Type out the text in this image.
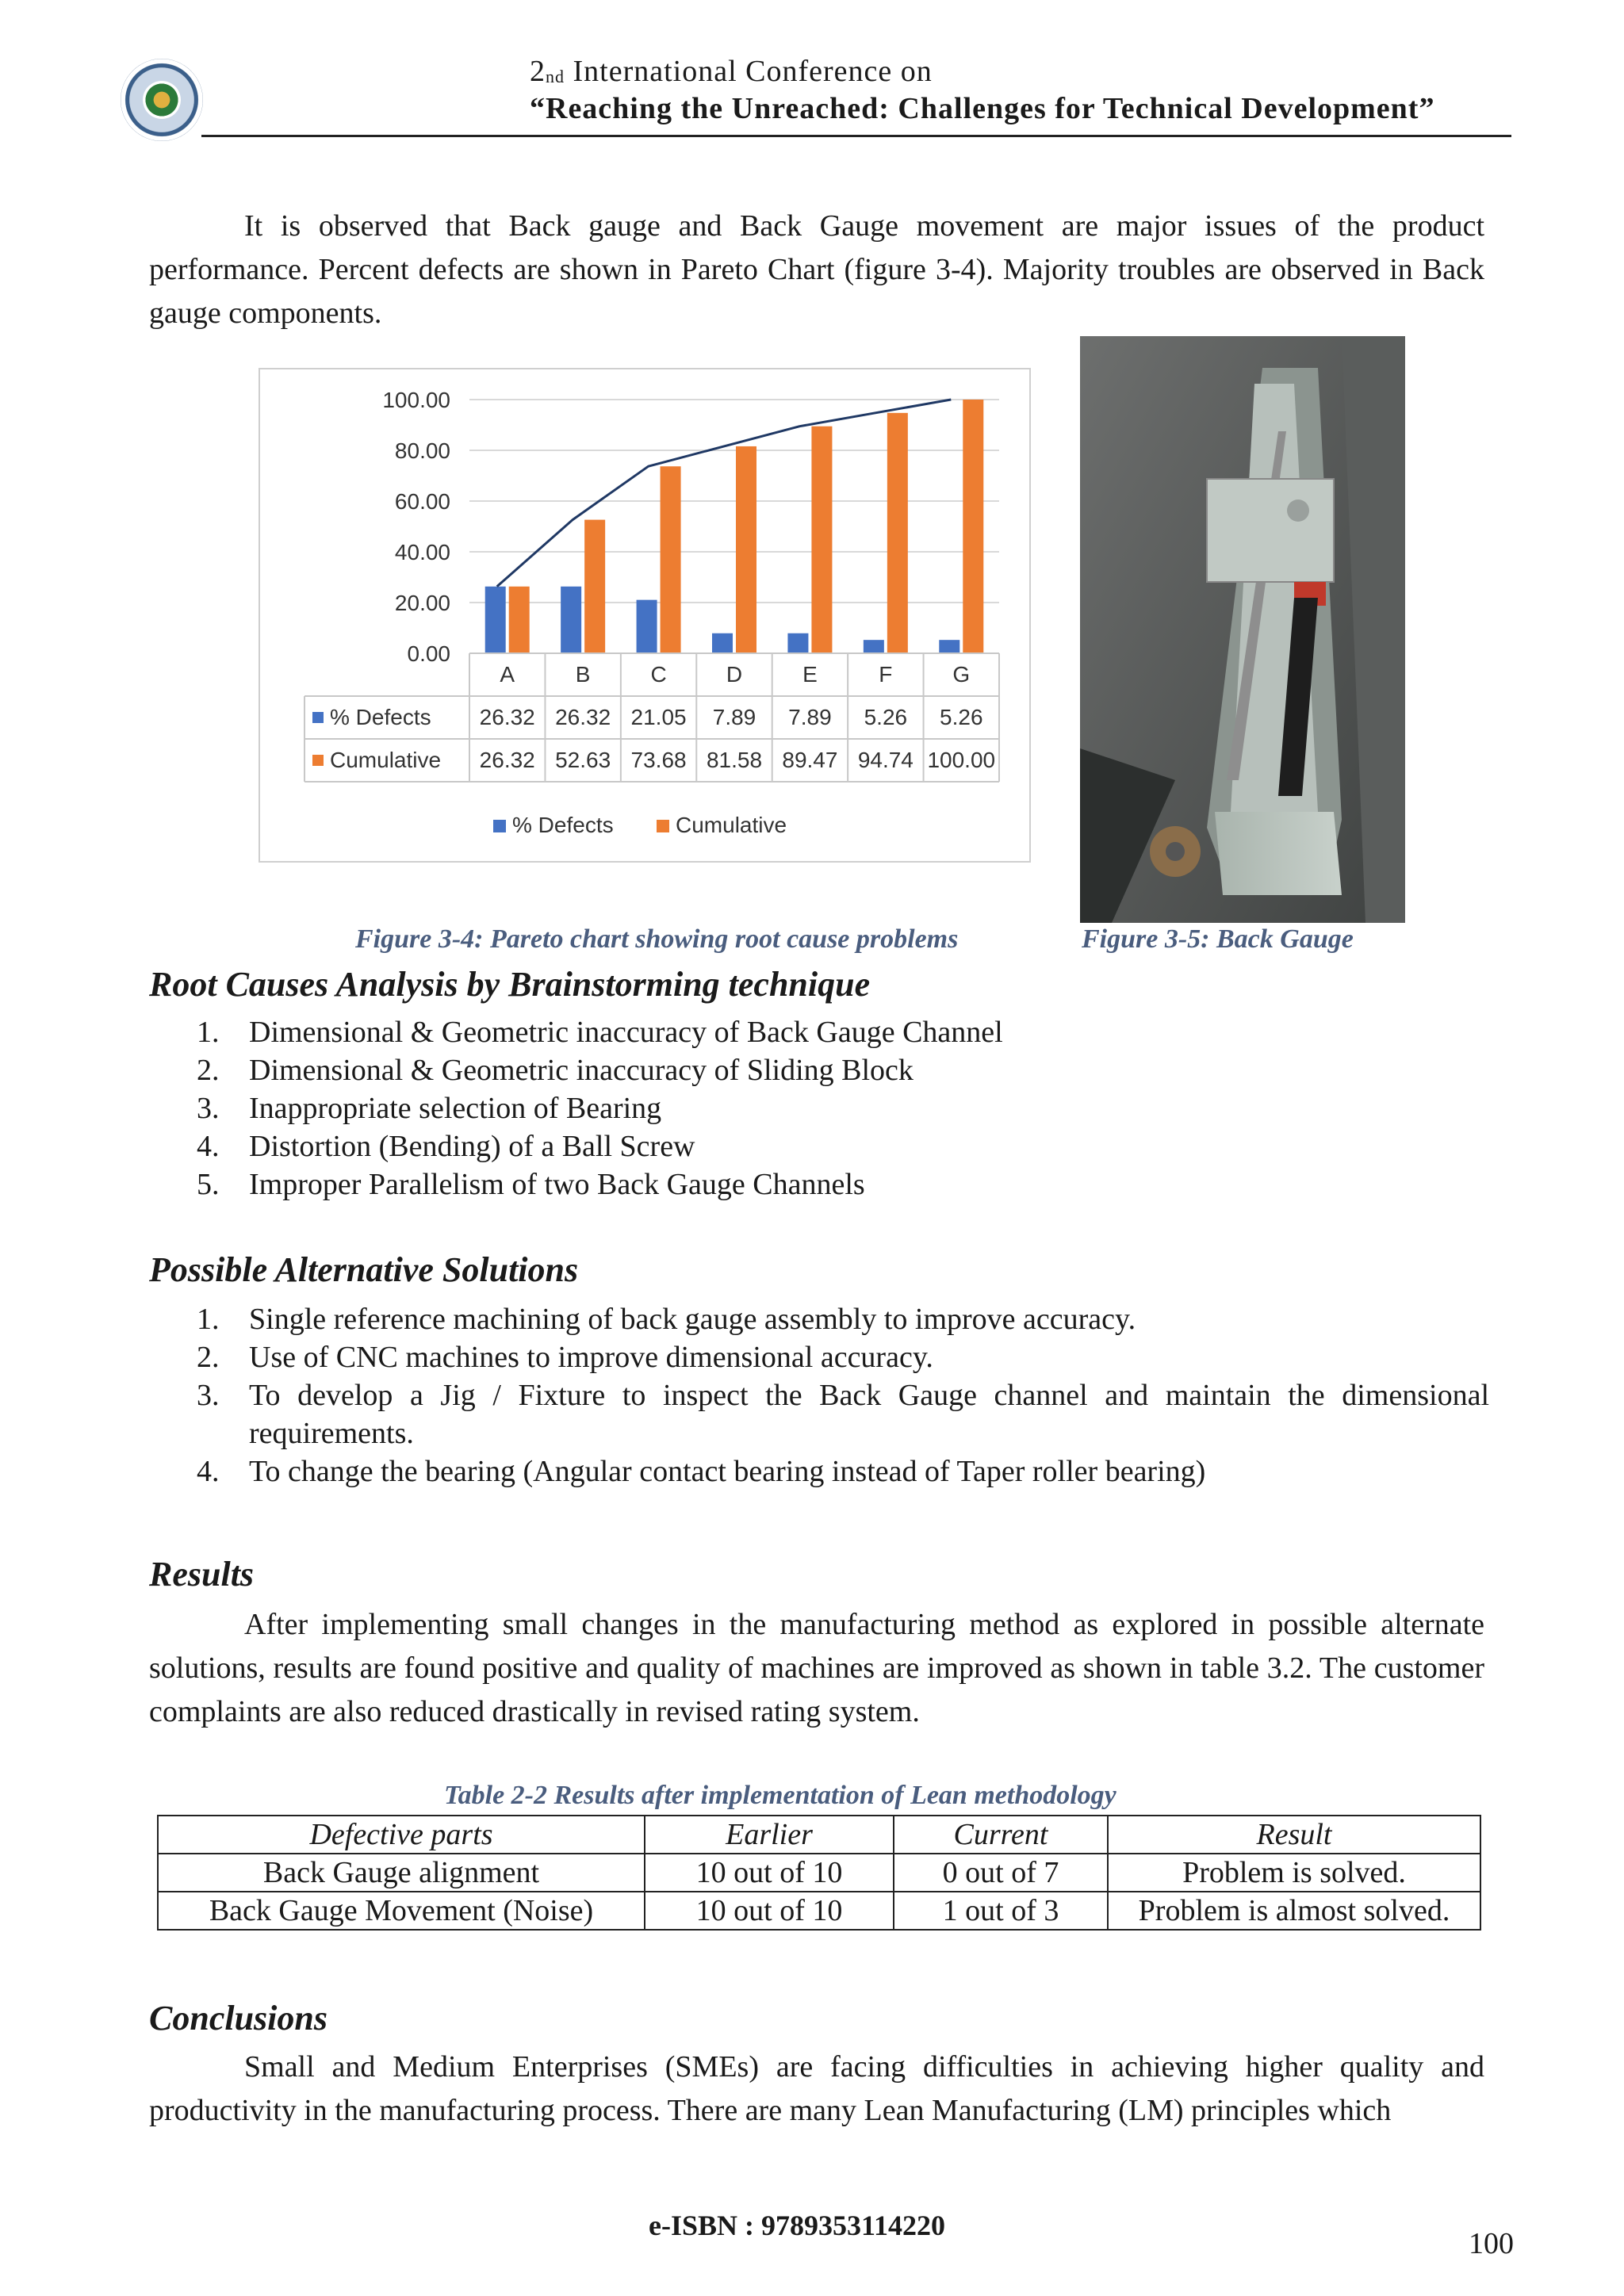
$2_{nd}$ International Conference on
“Reaching the Unreached: Challenges for Technical Development”
It is observed that Back gauge and Back Gauge movement are major issues of the product performance. Percent defects are shown in Pareto Chart (figure 3-4). Majority troubles are observed in Back gauge components.
0.00
20.00
40.00
60.00
80.00
100.00
A	B	C	D	E	F	G
% Defects 26.32 26.32 21.05 7.89 7.89 5.26 5.26
Cumulative 26.32 52.63 73.68 81.58 89.47 94.74 100.00
% Defects	Cumulative
Figure 3-4: Pareto chart showing root cause problems	Figure 3-5: Back Gauge
Root Causes Analysis by Brainstorming technique
1. Dimensional & Geometric inaccuracy of Back Gauge Channel
2. Dimensional & Geometric inaccuracy of Sliding Block
3. Inappropriate selection of Bearing
4. Distortion (Bending) of a Ball Screw
5. Improper Parallelism of two Back Gauge Channels
Possible Alternative Solutions
1. Single reference machining of back gauge assembly to improve accuracy.
2. Use of CNC machines to improve dimensional accuracy.
3. To develop a Jig / Fixture to inspect the Back Gauge channel and maintain the dimensional requirements.
4. To change the bearing (Angular contact bearing instead of Taper roller bearing)
Results
After implementing small changes in the manufacturing method as explored in possible alternate solutions, results are found positive and quality of machines are improved as shown in table 3.2. The customer complaints are also reduced drastically in revised rating system.
Table 2-2 Results after implementation of Lean methodology
Defective parts	Earlier	Current	Result
Back Gauge alignment	10 out of 10	0 out of 7	Problem is solved.
Back Gauge Movement (Noise)	10 out of 10	1 out of 3	Problem is almost solved.
Conclusions
Small and Medium Enterprises (SMEs) are facing difficulties in achieving higher quality and productivity in the manufacturing process. There are many Lean Manufacturing (LM) principles which
e-ISBN : 9789353114220
100
